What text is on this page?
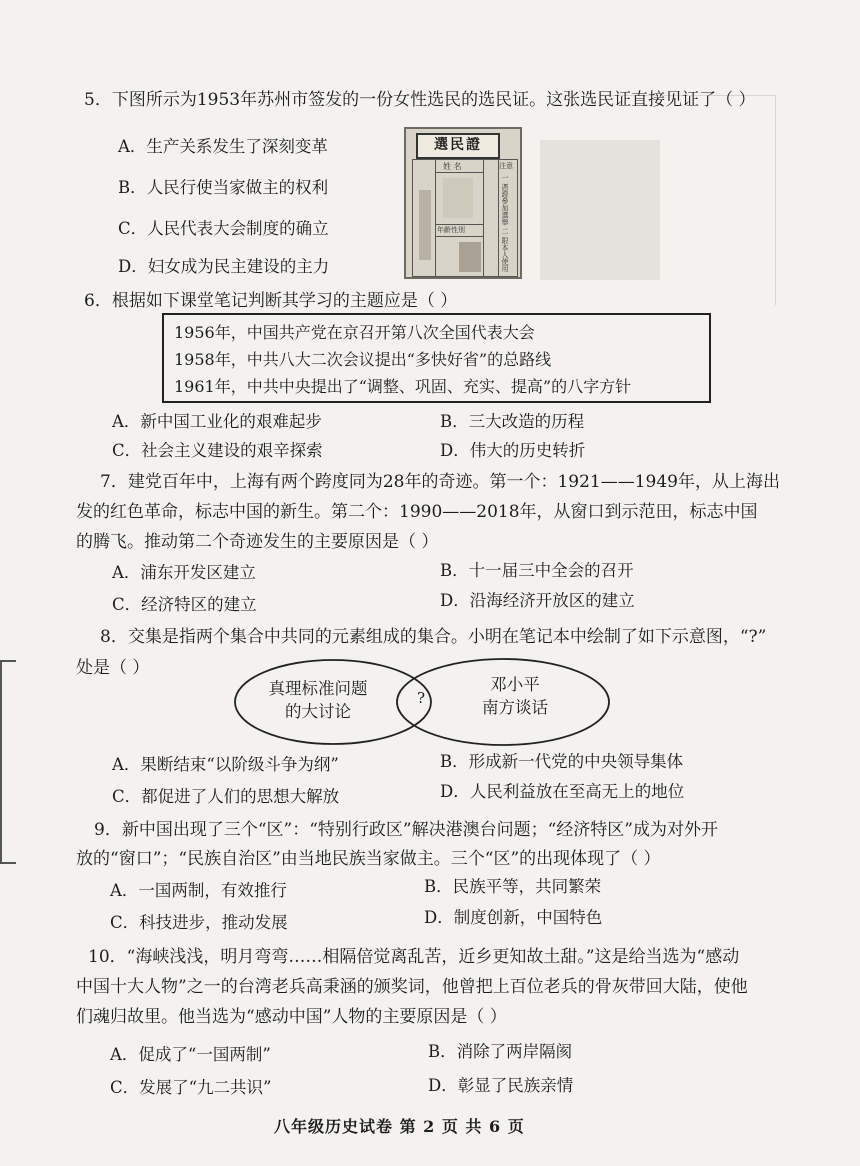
5．下图所示为1953年苏州市签发的一份女性选民的选民证。这张选民证直接见证了（ ）
A．生产关系发生了深刻变革
B．人民行使当家做主的权利
C．人民代表大会制度的确立
D．妇女成为民主建设的主力
選民證
姓 名	注意
一 憑證參加選舉 二 限本人使用
年齡性別
6．根据如下课堂笔记判断其学习的主题应是（ ）
1956年，中国共产党在京召开第八次全国代表大会
1958年，中共八大二次会议提出“多快好省”的总路线
1961年，中共中央提出了“调整、巩固、充实、提高”的八字方针
A．新中国工业化的艰难起步	B．三大改造的历程
C．社会主义建设的艰辛探索	D．伟大的历史转折
7．建党百年中，上海有两个跨度同为28年的奇迹。第一个：1921——1949年，从上海出
发的红色革命，标志中国的新生。第二个：1990——2018年，从窗口到示范田，标志中国
的腾飞。推动第二个奇迹发生的主要原因是（ ）
A．浦东开发区建立	B．十一届三中全会的召开
C．经济特区的建立	D．沿海经济开放区的建立
8．交集是指两个集合中共同的元素组成的集合。小明在笔记本中绘制了如下示意图，“?”
处是（ ）
真理标准问题
的大讨论
?
邓小平
南方谈话
A．果断结束“以阶级斗争为纲”	B．形成新一代党的中央领导集体
C．都促进了人们的思想大解放	D．人民利益放在至高无上的地位
9．新中国出现了三个“区”：“特别行政区”解决港澳台问题；“经济特区”成为对外开
放的“窗口”；“民族自治区”由当地民族当家做主。三个“区”的出现体现了（ ）
A．一国两制，有效推行	B．民族平等，共同繁荣
C．科技进步，推动发展	D．制度创新，中国特色
10．“海峡浅浅，明月弯弯……相隔倍觉离乱苦，近乡更知故土甜。”这是给当选为“感动
中国十大人物”之一的台湾老兵高秉涵的颁奖词，他曾把上百位老兵的骨灰带回大陆，使他
们魂归故里。他当选为“感动中国”人物的主要原因是（ ）
A．促成了“一国两制”	B．消除了两岸隔阂
C．发展了“九二共识”	D．彰显了民族亲情
八年级历史试卷 第 2 页 共 6 页
